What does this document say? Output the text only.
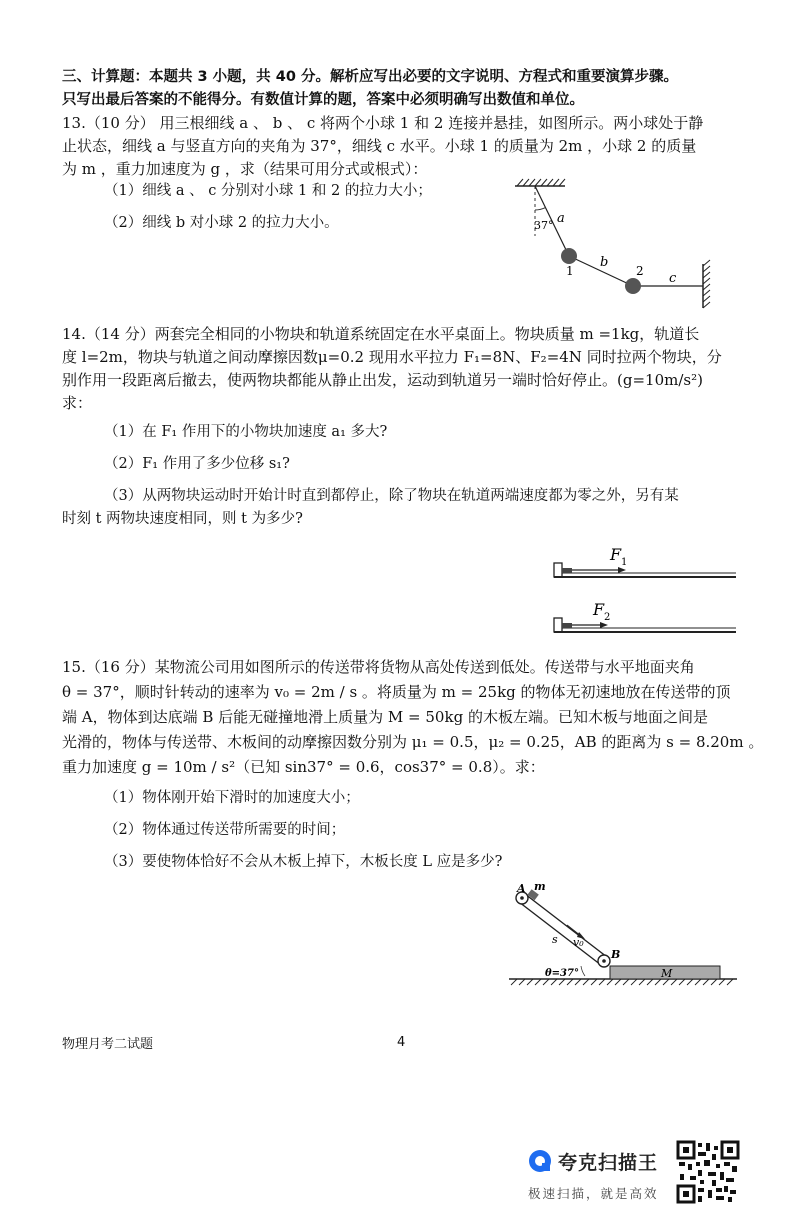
三、计算题：本题共 3 小题，共 40 分。解析应写出必要的文字说明、方程式和重要演算步骤。
只写出最后答案的不能得分。有数值计算的题，答案中必须明确写出数值和单位。
13.（10 分） 用三根细线 a 、 b 、 c 将两个小球 1 和 2 连接并悬挂，如图所示。两小球处于静
止状态，细线 a 与竖直方向的夹角为 37°，细线 c 水平。小球 1 的质量为 2m ，小球 2 的质量
为 m ，重力加速度为 g ，求（结果可用分式或根式）：
（1）细线 a 、 c 分别对小球 1 和 2 的拉力大小；
（2）细线 b 对小球 2 的拉力大小。	37° a
b
c
1	2
14.（14 分）两套完全相同的小物块和轨道系统固定在水平桌面上。物块质量 m =1kg，轨道长
度 l=2m，物块与轨道之间动摩擦因数μ=0.2 现用水平拉力 F₁=8N、F₂=4N 同时拉两个物块，分
别作用一段距离后撤去，使两物块都能从静止出发，运动到轨道另一端时恰好停止。(g=10m/s²)
求：
（1）在 F₁ 作用下的小物块加速度 a₁ 多大?
（2）F₁ 作用了多少位移 s₁?
（3）从两物块运动时开始计时直到都停止，除了物块在轨道两端速度都为零之外，另有某
时刻 t 两物块速度相同，则 t 为多少?
F 1
F 2
15.（16 分）某物流公司用如图所示的传送带将货物从高处传送到低处。传送带与水平地面夹角
θ = 37°，顺时针转动的速率为 v₀ = 2m / s 。将质量为 m = 25kg 的物体无初速地放在传送带的顶
端 A，物体到达底端 B 后能无碰撞地滑上质量为 M = 50kg 的木板左端。已知木板与地面之间是
光滑的，物体与传送带、木板间的动摩擦因数分别为 μ₁ = 0.5，μ₂ = 0.25，AB 的距离为 s = 8.20m 。
重力加速度 g = 10m / s²（已知 sin37° = 0.6，cos37° = 0.8）。求：
（1）物体刚开始下滑时的加速度大小；
（2）物体通过传送带所需要的时间；
（3）要使物体恰好不会从木板上掉下，木板长度 L 应是多少?
A m
v₀
s
B
θ=37°	M
物理月考二试题	4
夸克扫描王
极速扫描，就是高效
